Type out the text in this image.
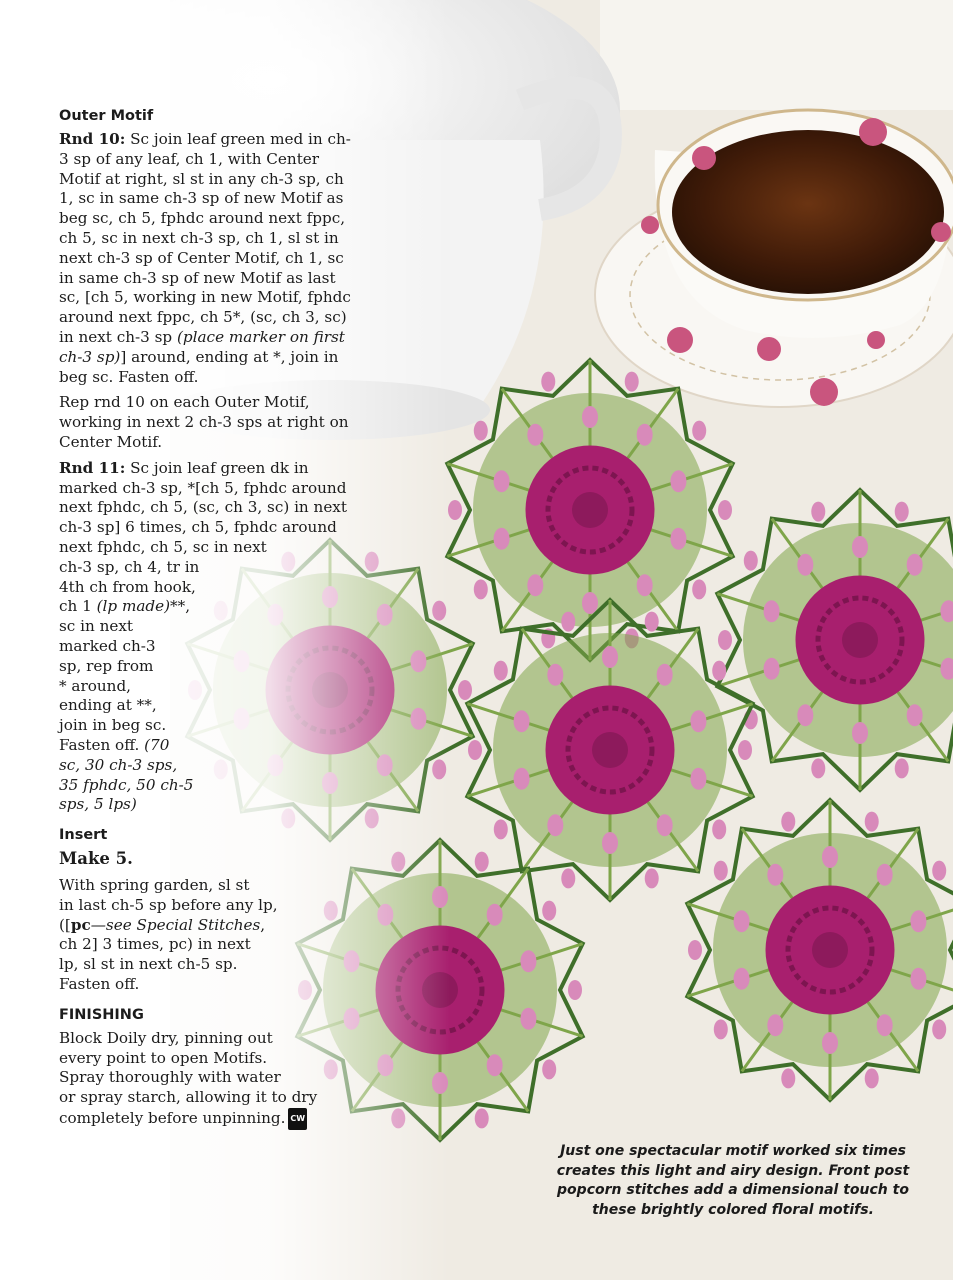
Outer Motif
Rnd 10: Sc join leaf green med in ch-3 sp of any leaf, ch 1, with Center Motif at right, sl st in any ch-3 sp, ch 1, sc in same ch-3 sp of new Motif as beg sc, ch 5, fphdc around next fppc, ch 5, sc in next ch-3 sp, ch 1, sl st in next ch-3 sp of Center Motif, ch 1, sc in same ch-3 sp of new Motif as last sc, [ch 5, working in new Motif, fphdc around next fppc, ch 5*, (sc, ch 3, sc) in next ch-3 sp (place marker on first ch-3 sp)] around, ending at *, join in beg sc. Fasten off.
Rep rnd 10 on each Outer Motif, working in next 2 ch-3 sps at right on Center Motif.
Rnd 11: Sc join leaf green dk in
marked ch-3 sp, *[ch 5, fphdc around
next fphdc, ch 5, (sc, ch 3, sc) in next
ch-3 sp] 6 times, ch 5, fphdc around
next fphdc, ch 5, sc in next
ch-3 sp, ch 4, tr in
4th ch from hook,
ch 1 (lp made)**,
sc in next
marked ch-3
sp, rep from
* around,
ending at **,
join in beg sc.
Fasten off. (70
sc, 30 ch-3 sps,
35 fphdc, 50 ch-5
sps, 5 lps)
Insert
Make 5.
With spring garden, sl st
in last ch-5 sp before any lp,
([pc—see Special Stitches,
ch 2] 3 times, pc) in next
lp, sl st in next ch-5 sp.
Fasten off.
FINISHING
Block Doily dry, pinning out
every point to open Motifs.
Spray thoroughly with water
or spray starch, allowing it to dry
completely before unpinning. CW
Just one spectacular motif worked six times
creates this light and airy design. Front post
popcorn stitches add a dimensional touch to
these brightly colored floral motifs.
